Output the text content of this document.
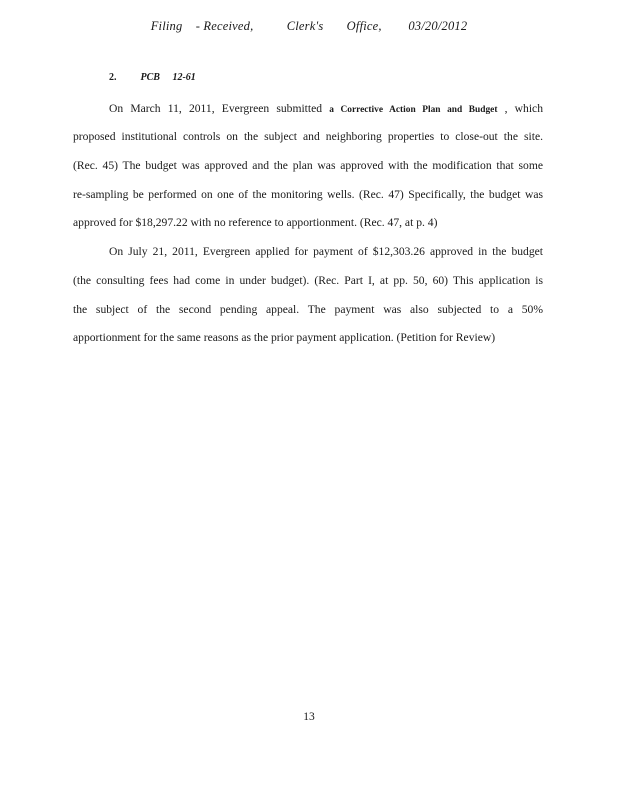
Filing    - Received,          Clerk's       Office,        03/20/2012
2. PCB     12-61
On March 11, 2011, Evergreen submitted a Corrective Action Plan and Budget , which
proposed institutional controls on the subject and neighboring properties to close-out the site.
(Rec. 45) The budget was approved and the plan was approved with the modification that some
re-sampling be performed on one of the monitoring wells. (Rec. 47) Specifically, the budget was
approved for $18,297.22 with no reference to apportionment. (Rec. 47, at p. 4)
On July 21, 2011, Evergreen applied for payment of $12,303.26 approved in the budget
(the consulting fees had come in under budget). (Rec. Part I, at pp. 50, 60) This application is
the subject of the second pending appeal. The payment was also subjected to a 50%
apportionment for the same reasons as the prior payment application. (Petition for Review)
13
